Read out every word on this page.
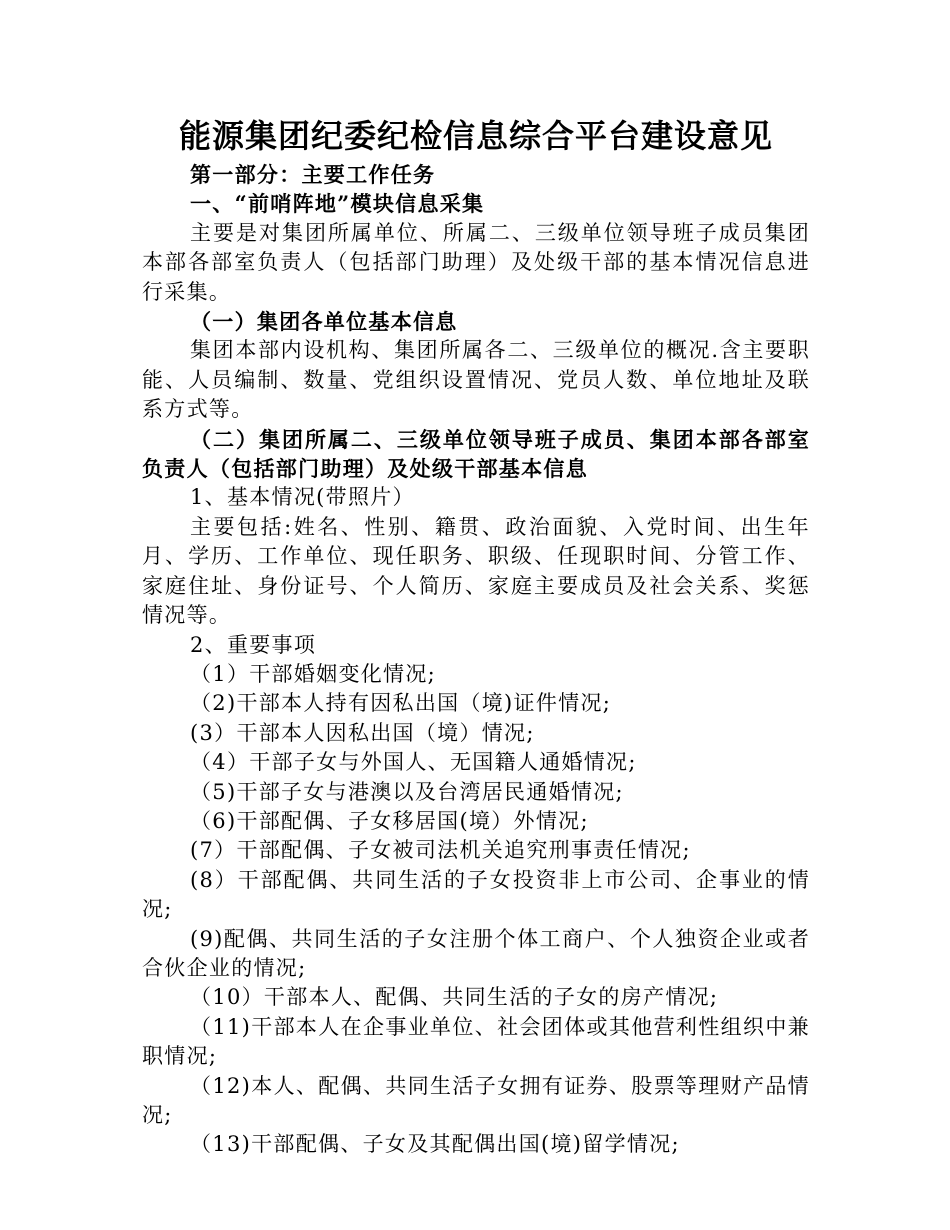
能源集团纪委纪检信息综合平台建设意见

第一部分：主要工作任务

一、“前哨阵地”模块信息采集

主要是对集团所属单位、所属二、三级单位领导班子成员集团本部各部室负责人（包括部门助理）及处级干部的基本情况信息进行采集。

（一）集团各单位基本信息

集团本部内设机构、集团所属各二、三级单位的概况.含主要职能、人员编制、数量、党组织设置情况、党员人数、单位地址及联系方式等。

（二）集团所属二、三级单位领导班子成员、集团本部各部室负责人（包括部门助理）及处级干部基本信息

1、基本情况(带照片）

主要包括:姓名、性别、籍贯、政治面貌、入党时间、出生年月、学历、工作单位、现任职务、职级、任现职时间、分管工作、家庭住址、身份证号、个人简历、家庭主要成员及社会关系、奖惩情况等。

2、重要事项

（1）干部婚姻变化情况;

（2)干部本人持有因私出国（境)证件情况;

(3）干部本人因私出国（境）情况;

（4）干部子女与外国人、无国籍人通婚情况;

（5)干部子女与港澳以及台湾居民通婚情况;

（6)干部配偶、子女移居国(境）外情况;

(7）干部配偶、子女被司法机关追究刑事责任情况;

(8）干部配偶、共同生活的子女投资非上市公司、企事业的情况;

(9)配偶、共同生活的子女注册个体工商户、个人独资企业或者合伙企业的情况;

（10）干部本人、配偶、共同生活的子女的房产情况;

（11)干部本人在企事业单位、社会团体或其他营利性组织中兼职情况;

（12)本人、配偶、共同生活子女拥有证券、股票等理财产品情况;

（13)干部配偶、子女及其配偶出国(境)留学情况;
